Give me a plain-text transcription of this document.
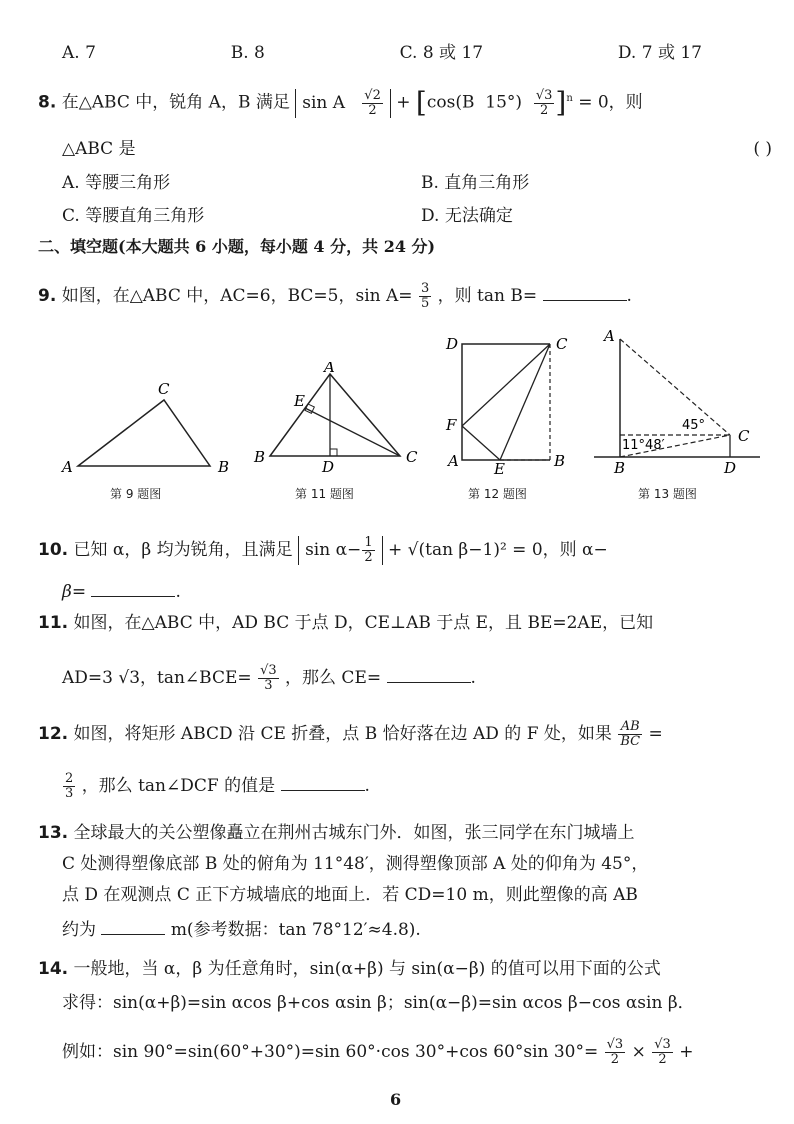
A. 7	B. 8	C. 8 或 17	D. 7 或 17
8. 在△ABC 中，锐角 A，B 满足 sin A $\frac{√2}{2} + [\cos(B$ $15^\circ) \frac{√3}{2} ]^n = 0$，则
△ABC 是	( )
A. 等腰三角形	B. 直角三角形
C. 等腰直角三角形	D. 无法确定
二、填空题(本大题共 6 小题，每小题 4 分，共 24 分)
9. 如图，在△ABC 中，AC=6，BC=5，$\sin A= \frac{3}{5}$ ，则 tan B=	.
A
C
B
第 9 题图
A
E
B	C
D
第 11 题图
D	C
F
A E	B
第 12 题图
A
C
B	D
45°
11°48′
第 13 题图
10. 已知 α，β 均为锐角，且满足 $\sin \alpha- \frac{1}{2} + √(\tan$ β−1)² = 0，则 α−
β=	.
11. 如图，在△ABC 中，AD BC 于点 D，CE⊥AB 于点 E，且 BE=2AE，已知
AD=3 √3，tan∠BCE= $\frac{√3}{3}$ ，那么 CE=	.
12. 如图，将矩形 ABCD 沿 CE 折叠，点 B 恰好落在边 AD 的 F 处，如果 $\frac{AB}{BC}$ =
$\frac{2}{3}$ ，那么 tan∠DCF 的值是	.
13. 全球最大的关公塑像矗立在荆州古城东门外．如图，张三同学在东门城墙上
C 处测得塑像底部 B 处的俯角为 11°48′，测得塑像顶部 A 处的仰角为 45°，
点 D 在观测点 C 正下方城墙底的地面上．若 CD=10 m，则此塑像的高 AB
约为	m(参考数据：tan 78°12′≈4.8).
14. 一般地，当 α，β 为任意角时，sin(α+β) 与 sin(α−β) 的值可以用下面的公式
求得：sin(α+β)=sin αcos β+cos αsin β；sin(α−β)=sin αcos β−cos αsin β．
例如：sin 90°=sin(60°+30°)=sin 60°·cos 30°+cos 60°sin $30^\circ= \frac{√3}{2} \times \frac{√3}{2}$ +
6
